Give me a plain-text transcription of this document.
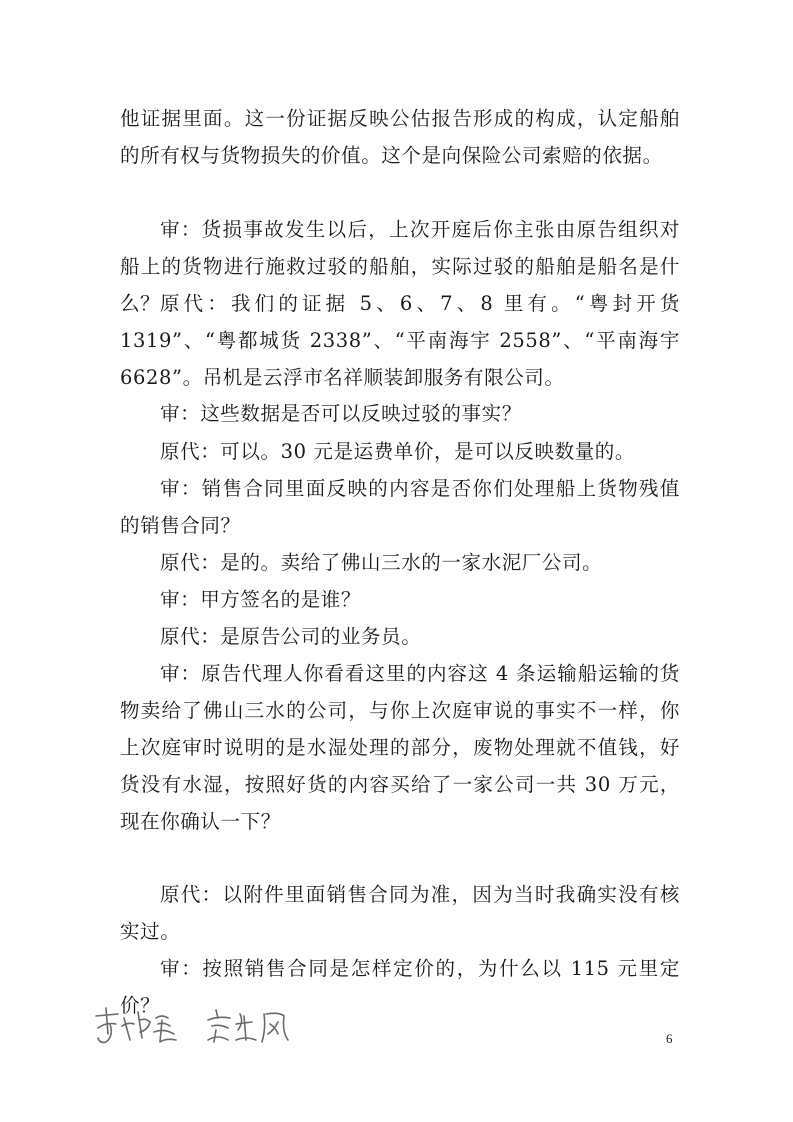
他证据里面。这一份证据反映公估报告形成的构成，认定船舶的所有权与货物损失的价值。这个是向保险公司索赔的依据。

审：货损事故发生以后，上次开庭后你主张由原告组织对船上的货物进行施救过驳的船舶，实际过驳的船舶是船名是什么？ 原代：我们的证据 5、6、7、8 里有。“粤封开货 1319”、“粤都城货 2338”、“平南海宇 2558”、“平南海宇 6628”。吊机是云浮市名祥顺装卸服务有限公司。

审：这些数据是否可以反映过驳的事实？

原代：可以。30 元是运费单价，是可以反映数量的。

审：销售合同里面反映的内容是否你们处理船上货物残值的销售合同？

原代：是的。卖给了佛山三水的一家水泥厂公司。

审：甲方签名的是谁？

原代：是原告公司的业务员。

审：原告代理人你看看这里的内容这 4 条运输船运输的货物卖给了佛山三水的公司，与你上次庭审说的事实不一样，你上次庭审时说明的是水湿处理的部分，废物处理就不值钱，好货没有水湿，按照好货的内容买给了一家公司一共 30 万元，现在你确认一下？

原代：以附件里面销售合同为准，因为当时我确实没有核实过。

审：按照销售合同是怎样定价的，为什么以 115 元里定价？

6
